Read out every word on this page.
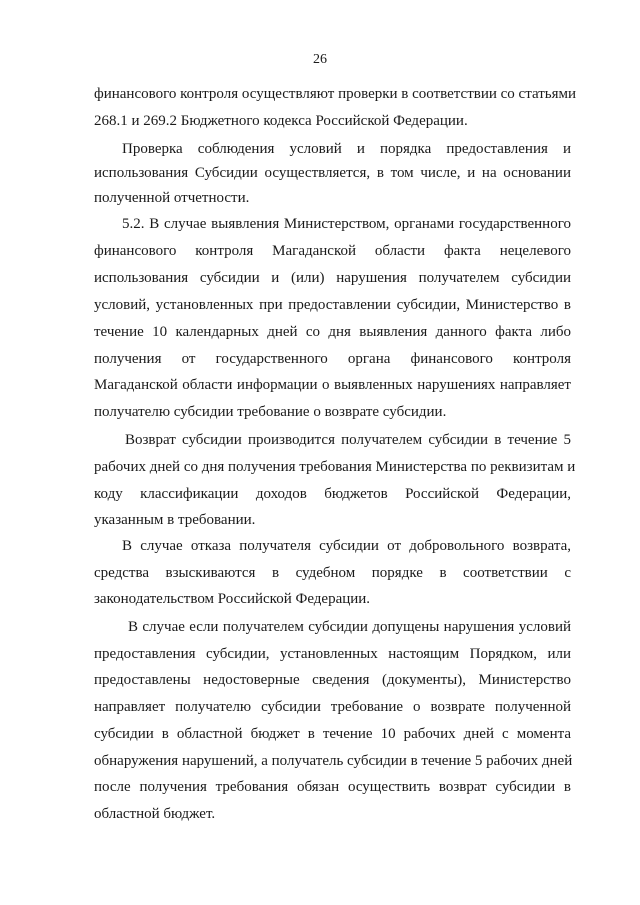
26

финансового контроля осуществляют проверки в соответствии со статьями

268.1 и 269.2 Бюджетного кодекса Российской Федерации.

Проверка соблюдения условий и порядка предоставления и

использования Субсидии осуществляется, в том числе, и на основании

полученной отчетности.

5.2. В случае выявления Министерством, органами государственного

финансового контроля Магаданской области факта нецелевого

использования субсидии и (или) нарушения получателем субсидии

условий, установленных при предоставлении субсидии, Министерство в

течение 10 календарных дней со дня выявления данного факта либо

получения от государственного органа финансового контроля

Магаданской области информации о выявленных нарушениях направляет

получателю субсидии требование о возврате субсидии.

Возврат субсидии производится получателем субсидии в течение 5

рабочих дней со дня получения требования Министерства по реквизитам и

коду классификации доходов бюджетов Российской Федерации,

указанным в требовании.

В случае отказа получателя субсидии от добровольного возврата,

средства взыскиваются в судебном порядке в соответствии с

законодательством Российской Федерации.

В случае если получателем субсидии допущены нарушения условий

предоставления субсидии, установленных настоящим Порядком, или

предоставлены недостоверные сведения (документы), Министерство

направляет получателю субсидии требование о возврате полученной

субсидии в областной бюджет в течение 10 рабочих дней с момента

обнаружения нарушений, а получатель субсидии в течение 5 рабочих дней

после получения требования обязан осуществить возврат субсидии в

областной бюджет.
